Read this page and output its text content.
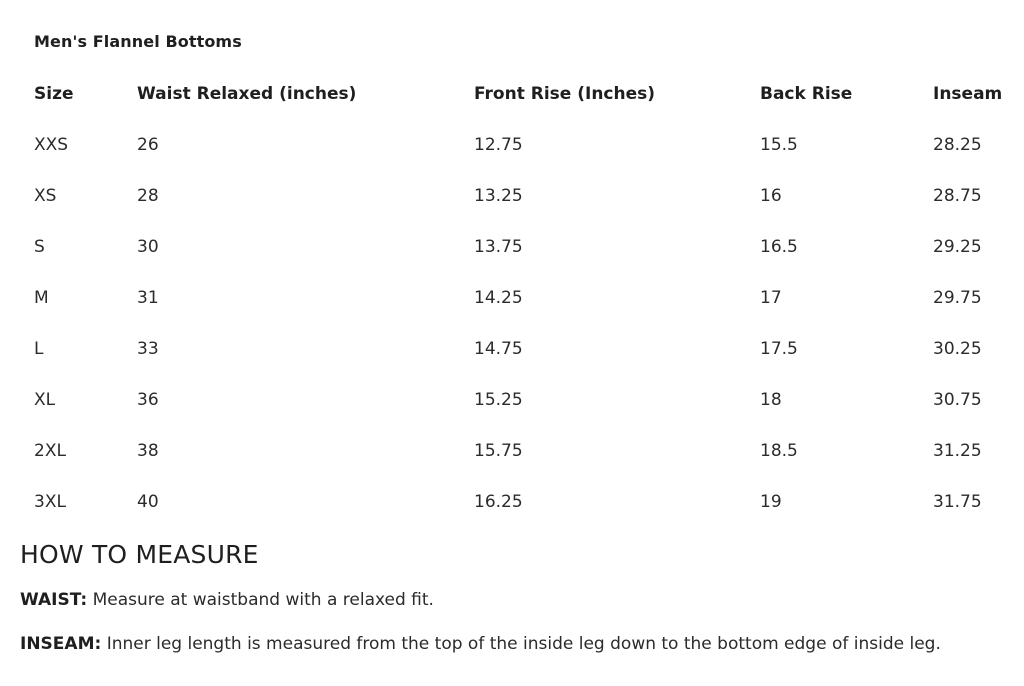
Men's Flannel Bottoms

Size	Waist Relaxed (inches)	Front Rise (Inches)	Back Rise	Inseam
XXS	26	12.75	15.5	28.25
XS	28	13.25	16	28.75
S	30	13.75	16.5	29.25
M	31	14.25	17	29.75
L	33	14.75	17.5	30.25
XL	36	15.25	18	30.75
2XL	38	15.75	18.5	31.25
3XL	40	16.25	19	31.75
HOW TO MEASURE

WAIST: Measure at waistband with a relaxed fit.

INSEAM: Inner leg length is measured from the top of the inside leg down to the bottom edge of inside leg.
